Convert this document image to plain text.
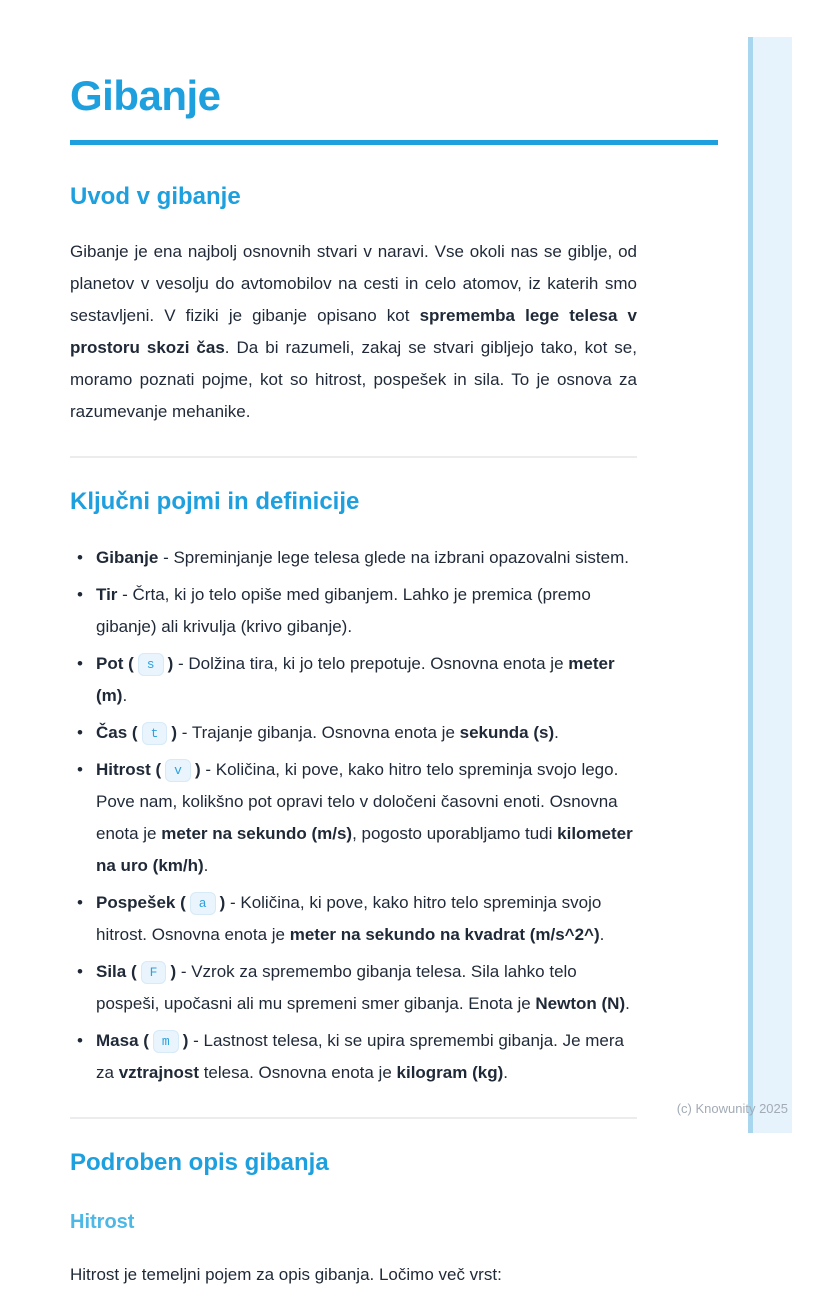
Gibanje
Uvod v gibanje

Gibanje je ena najbolj osnovnih stvari v naravi. Vse okoli nas se giblje, od planetov v vesolju do avtomobilov na cesti in celo atomov, iz katerih smo sestavljeni. V fiziki je gibanje opisano kot sprememba lege telesa v prostoru skozi čas. Da bi razumeli, zakaj se stvari gibljejo tako, kot se, moramo poznati pojme, kot so hitrost, pospešek in sila. To je osnova za razumevanje mehanike.

Ključni pojmi in definicije
• Gibanje - Spreminjanje lege telesa glede na izbrani opazovalni sistem.
• Tir - Črta, ki jo telo opiše med gibanjem. Lahko je premica (premo gibanje) ali krivulja (krivo gibanje).
• Pot ( s ) - Dolžina tira, ki jo telo prepotuje. Osnovna enota je meter (m).
• Čas ( t ) - Trajanje gibanja. Osnovna enota je sekunda (s).
• Hitrost ( v ) - Količina, ki pove, kako hitro telo spreminja svojo lego. Pove nam, kolikšno pot opravi telo v določeni časovni enoti. Osnovna enota je meter na sekundo (m/s), pogosto uporabljamo tudi kilometer na uro (km/h).
• Pospešek ( a ) - Količina, ki pove, kako hitro telo spreminja svojo hitrost. Osnovna enota je meter na sekundo na kvadrat (m/s^2^).
• Sila ( F ) - Vzrok za spremembo gibanja telesa. Sila lahko telo pospeši, upočasni ali mu spremeni smer gibanja. Enota je Newton (N).
• Masa ( m ) - Lastnost telesa, ki se upira spremembi gibanja. Je mera za vztrajnost telesa. Osnovna enota je kilogram (kg).
Podroben opis gibanja
Hitrost

Hitrost je temeljni pojem za opis gibanja. Ločimo več vrst:

(c) Knowunity 2025
